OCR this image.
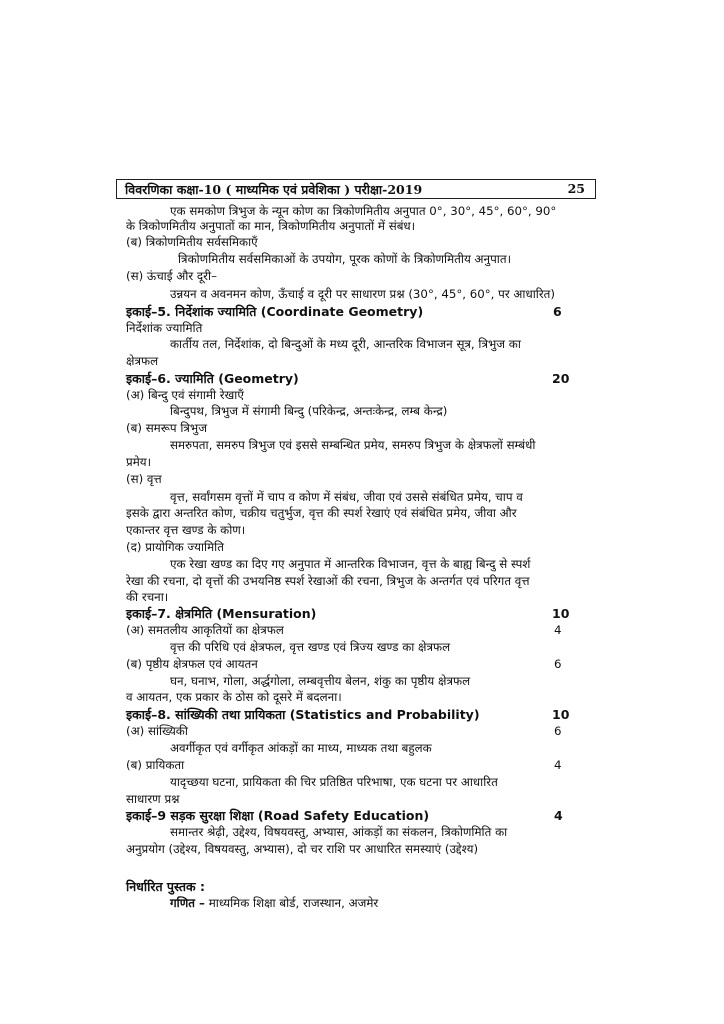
विवरणिका कक्षा-10 ( माध्यमिक एवं प्रवेशिका ) परीक्षा-2019	25
एक समकोण त्रिभुज के न्यून कोण का त्रिकोणमितीय अनुपात 0°, 30°, 45°, 60°, 90°
के त्रिकोणमितीय अनुपातों का मान, त्रिकोणमितीय अनुपातों में संबंध।
(ब) त्रिकोणमितीय सर्वसमिकाएँ
त्रिकोणमितीय सर्वसमिकाओं के उपयोग, पूरक कोणों के त्रिकोणमितीय अनुपात।
(स) ऊंचाई और दूरी–
उन्नयन व अवनमन कोण, ऊँचाई व दूरी पर साधारण प्रश्न (30°, 45°, 60°, पर आधारित)
इकाई–5. निर्देशांक ज्यामिति (Coordinate Geometry)
निर्देशांक ज्यामिति
कार्तीय तल, निर्देशांक, दो बिन्दुओं के मध्य दूरी, आन्तरिक विभाजन सूत्र, त्रिभुज का
क्षेत्रफल
इकाई–6. ज्यामिति (Geometry)
(अ) बिन्दु एवं संगामी रेखाएँ
बिन्दुपथ, त्रिभुज में संगामी बिन्दु (परिकेन्द्र, अन्तःकेन्द्र, लम्ब केन्द्र)
(ब) समरूप त्रिभुज
समरुपता, समरुप त्रिभुज एवं इससे सम्बन्धित प्रमेय, समरुप त्रिभुज के क्षेत्रफलों सम्बंधी
प्रमेय।
(स) वृत्त
वृत्त, सर्वांगसम वृत्तों में चाप व कोण में संबंध, जीवा एवं उससे संबंधित प्रमेय, चाप व
इसके द्वारा अन्तरित कोण, चक्रीय चतुर्भुज, वृत्त की स्पर्श रेखाएं एवं संबंधित प्रमेय, जीवा और
एकान्तर वृत्त खण्ड के कोण।
(द) प्रायोगिक ज्यामिति
एक रेखा खण्ड का दिए गए अनुपात में आन्तरिक विभाजन, वृत्त के बाह्य बिन्दु से स्पर्श
रेखा की रचना, दो वृत्तों की उभयनिष्ठ स्पर्श रेखाओं की रचना, त्रिभुज के अन्तर्गत एवं परिगत वृत्त
की रचना।
इकाई–7. क्षेत्रमिति (Mensuration)
(अ) समतलीय आकृतियों का क्षेत्रफल
वृत्त की परिधि एवं क्षेत्रफल, वृत्त खण्ड एवं त्रिज्य खण्ड का क्षेत्रफल
(ब) पृष्ठीय क्षेत्रफल एवं आयतन
घन, घनाभ, गोला, अर्द्धगोला, लम्बवृत्तीय बेलन, शंकु का पृष्ठीय क्षेत्रफल
व आयतन, एक प्रकार के ठोस को दूसरे में बदलना।
इकाई–8. सांख्यिकी तथा प्रायिकता (Statistics and Probability)
(अ) सांख्यिकी
अवर्गीकृत एवं वर्गीकृत आंकड़ों का माध्य, माध्यक तथा बहुलक
(ब) प्रायिकता
यादृच्छया घटना, प्रायिकता की चिर प्रतिष्ठित परिभाषा, एक घटना पर आधारित
साधारण प्रश्न
इकाई–9 सड़क सुरक्षा शिक्षा (Road Safety Education)
समान्तर श्रेढ़ी, उद्देश्य, विषयवस्तु, अभ्यास, आंकड़ों का संकलन, त्रिकोणमिति का
अनुप्रयोग (उद्देश्य, विषयवस्तु, अभ्यास), दो चर राशि पर आधारित समस्याएं (उद्देश्य)
6
20
10
4
6
10
6
4
4
निर्धारित पुस्तक :
गणित – माध्यमिक शिक्षा बोर्ड, राजस्थान, अजमेर
